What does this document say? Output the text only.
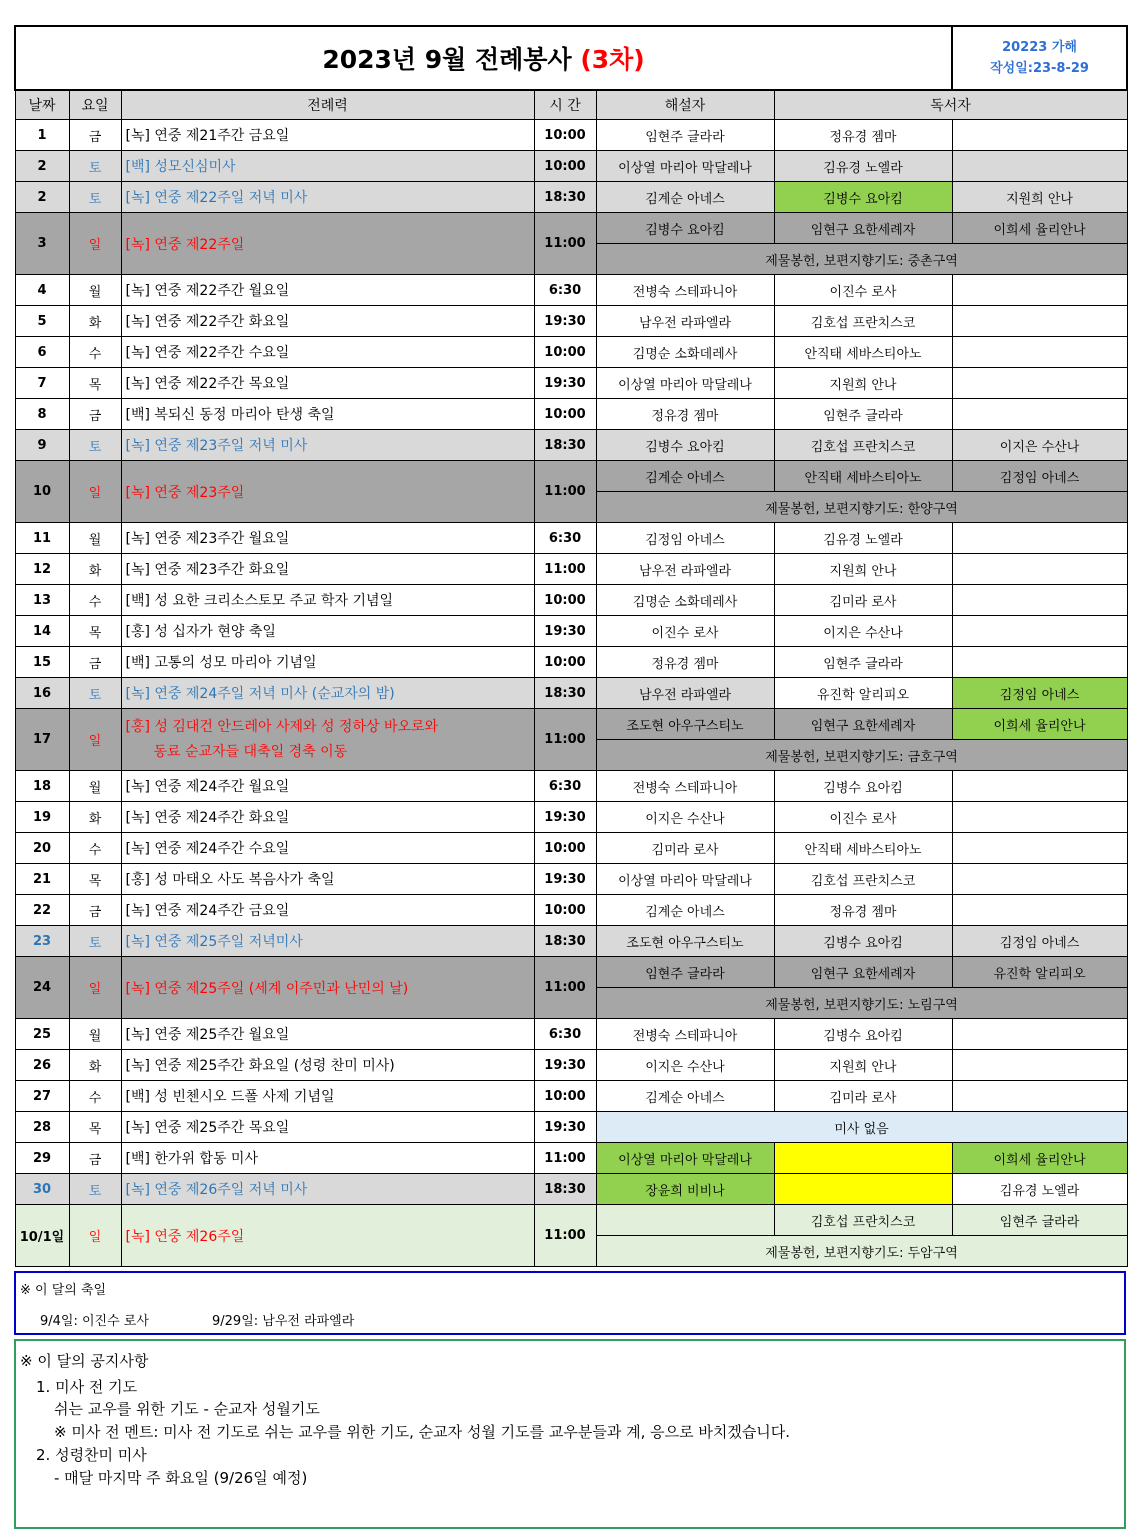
2023년 9월 전례봉사 (3차)						20223 가해
작성일:23-8-29

날짜	요일	전례력	시 간	해설자	독서자	
1	금	[녹] 연중 제21주간 금요일	10:00	임현주 글라라	정유경 젬마	
2	토	[백] 성모신심미사	10:00	이상열 마리아 막달레나	김유경 노엘라	
2	토	[녹] 연중 제22주일 저녁 미사	18:30	김계순 아네스	김병수 요아킴	지원희 안나
3	일	[녹] 연중 제22주일	11:00	김병수 요아킴	임현구 요한세례자	이희세 율리안나
				제물봉헌, 보편지향기도: 중촌구역		
4	월	[녹] 연중 제22주간 월요일	6:30	전병숙 스테파니아	이진수 로사	
5	화	[녹] 연중 제22주간 화요일	19:30	남우전 라파엘라	김호섭 프란치스코	
6	수	[녹] 연중 제22주간 수요일	10:00	김명순 소화데레사	안직태 세바스티아노	
7	목	[녹] 연중 제22주간 목요일	19:30	이상열 마리아 막달레나	지원희 안나	
8	금	[백] 복되신 동정 마리아 탄생 축일	10:00	정유경 젬마	임현주 글라라	
9	토	[녹] 연중 제23주일 저녁 미사	18:30	김병수 요아킴	김호섭 프란치스코	이지은 수산나
10	일	[녹] 연중 제23주일	11:00	김계순 아네스	안직태 세바스티아노	김정임 아네스
				제물봉헌, 보편지향기도: 한양구역		
11	월	[녹] 연중 제23주간 월요일	6:30	김정임 아네스	김유경 노엘라	
12	화	[녹] 연중 제23주간 화요일	11:00	남우전 라파엘라	지원희 안나	
13	수	[백] 성 요한 크리소스토모 주교 학자 기념일	10:00	김명순 소화데레사	김미라 로사	
14	목	[홍] 성 십자가 현양 축일	19:30	이진수 로사	이지은 수산나	
15	금	[백] 고통의 성모 마리아 기념일	10:00	정유경 젬마	임현주 글라라	
16	토	[녹] 연중 제24주일 저녁 미사 (순교자의 밤)	18:30	남우전 라파엘라	유진학 알리피오	김정임 아네스
17	일	[홍] 성 김대건 안드레아 사제와 성 정하상 바오로와
동료 순교자들 대축일 경축 이동	11:00	조도현 아우구스티노	임현구 요한세례자	이희세 율리안나
				제물봉헌, 보편지향기도: 금호구역		
18	월	[녹] 연중 제24주간 월요일	6:30	전병숙 스테파니아	김병수 요아킴	
19	화	[녹] 연중 제24주간 화요일	19:30	이지은 수산나	이진수 로사	
20	수	[녹] 연중 제24주간 수요일	10:00	김미라 로사	안직태 세바스티아노	
21	목	[홍] 성 마태오 사도 복음사가 축일	19:30	이상열 마리아 막달레나	김호섭 프란치스코	
22	금	[녹] 연중 제24주간 금요일	10:00	김계순 아네스	정유경 젬마	
23	토	[녹] 연중 제25주일 저녁미사	18:30	조도현 아우구스티노	김병수 요아킴	김정임 아네스
24	일	[녹] 연중 제25주일 (세계 이주민과 난민의 날)	11:00	임현주 글라라	임현구 요한세례자	유진학 알리피오
				제물봉헌, 보편지향기도: 노림구역		
25	월	[녹] 연중 제25주간 월요일	6:30	전병숙 스테파니아	김병수 요아킴	
26	화	[녹] 연중 제25주간 화요일 (성령 찬미 미사)	19:30	이지은 수산나	지원희 안나	
27	수	[백] 성 빈첸시오 드폴 사제 기념일	10:00	김계순 아네스	김미라 로사	
28	목	[녹] 연중 제25주간 목요일	19:30	미사 없음		
29	금	[백] 한가위 합동 미사	11:00	이상열 마리아 막달레나		이희세 율리안나
30	토	[녹] 연중 제26주일 저녁 미사	18:30	장윤희 비비나		김유경 노엘라
10/1일	일	[녹] 연중 제26주일	11:00		김호섭 프란치스코	임현주 글라라
				제물봉헌, 보편지향기도: 두암구역		
※ 이 달의 축일
9/4일: 이진수 로사	9/29일: 남우전 라파엘라
※ 이 달의 공지사항
1. 미사 전 기도
쉬는 교우를 위한 기도 - 순교자 성월기도
※ 미사 전 멘트: 미사 전 기도로 쉬는 교우를 위한 기도, 순교자 성월 기도를 교우분들과 계, 응으로 바치겠습니다.
2. 성령찬미 미사
- 매달 마지막 주 화요일 (9/26일 예정)
